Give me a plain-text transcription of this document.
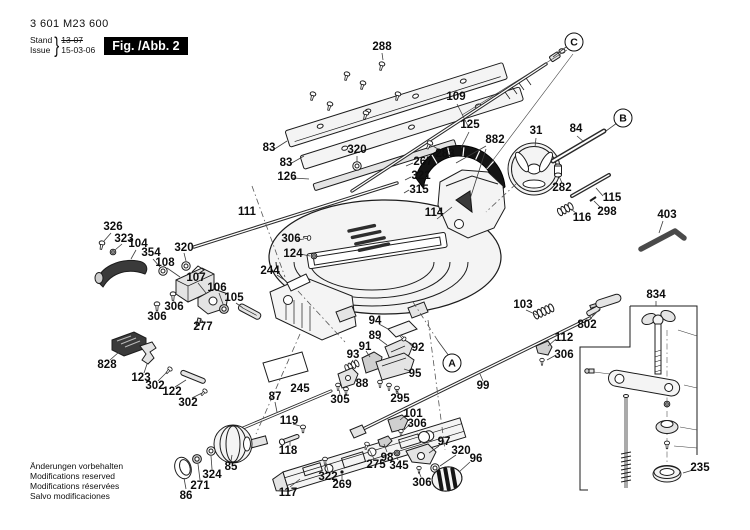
288	C
109
125
882
31 84
B
283
320
267
321
315
83
83
126
282
115
298
116	403
111	114
306
124
326
323
104
354
108
320
107
106
105
306
306
277
244
828
123
302
122
302
94
89
92
91
93
95
88
87
245
305	295
99
A
103
802
112
306
101
306
119
118
85
324
271
86	117
322
269
275
98
345
306
97
320
96
834
235
3 601 M23 600
Stand
Issue } 13-07
15-03-06	Fig. /Abb. 2
Änderungen vorbehalten
Modifications reserved
Modifications réservées
Salvo modificaciones
